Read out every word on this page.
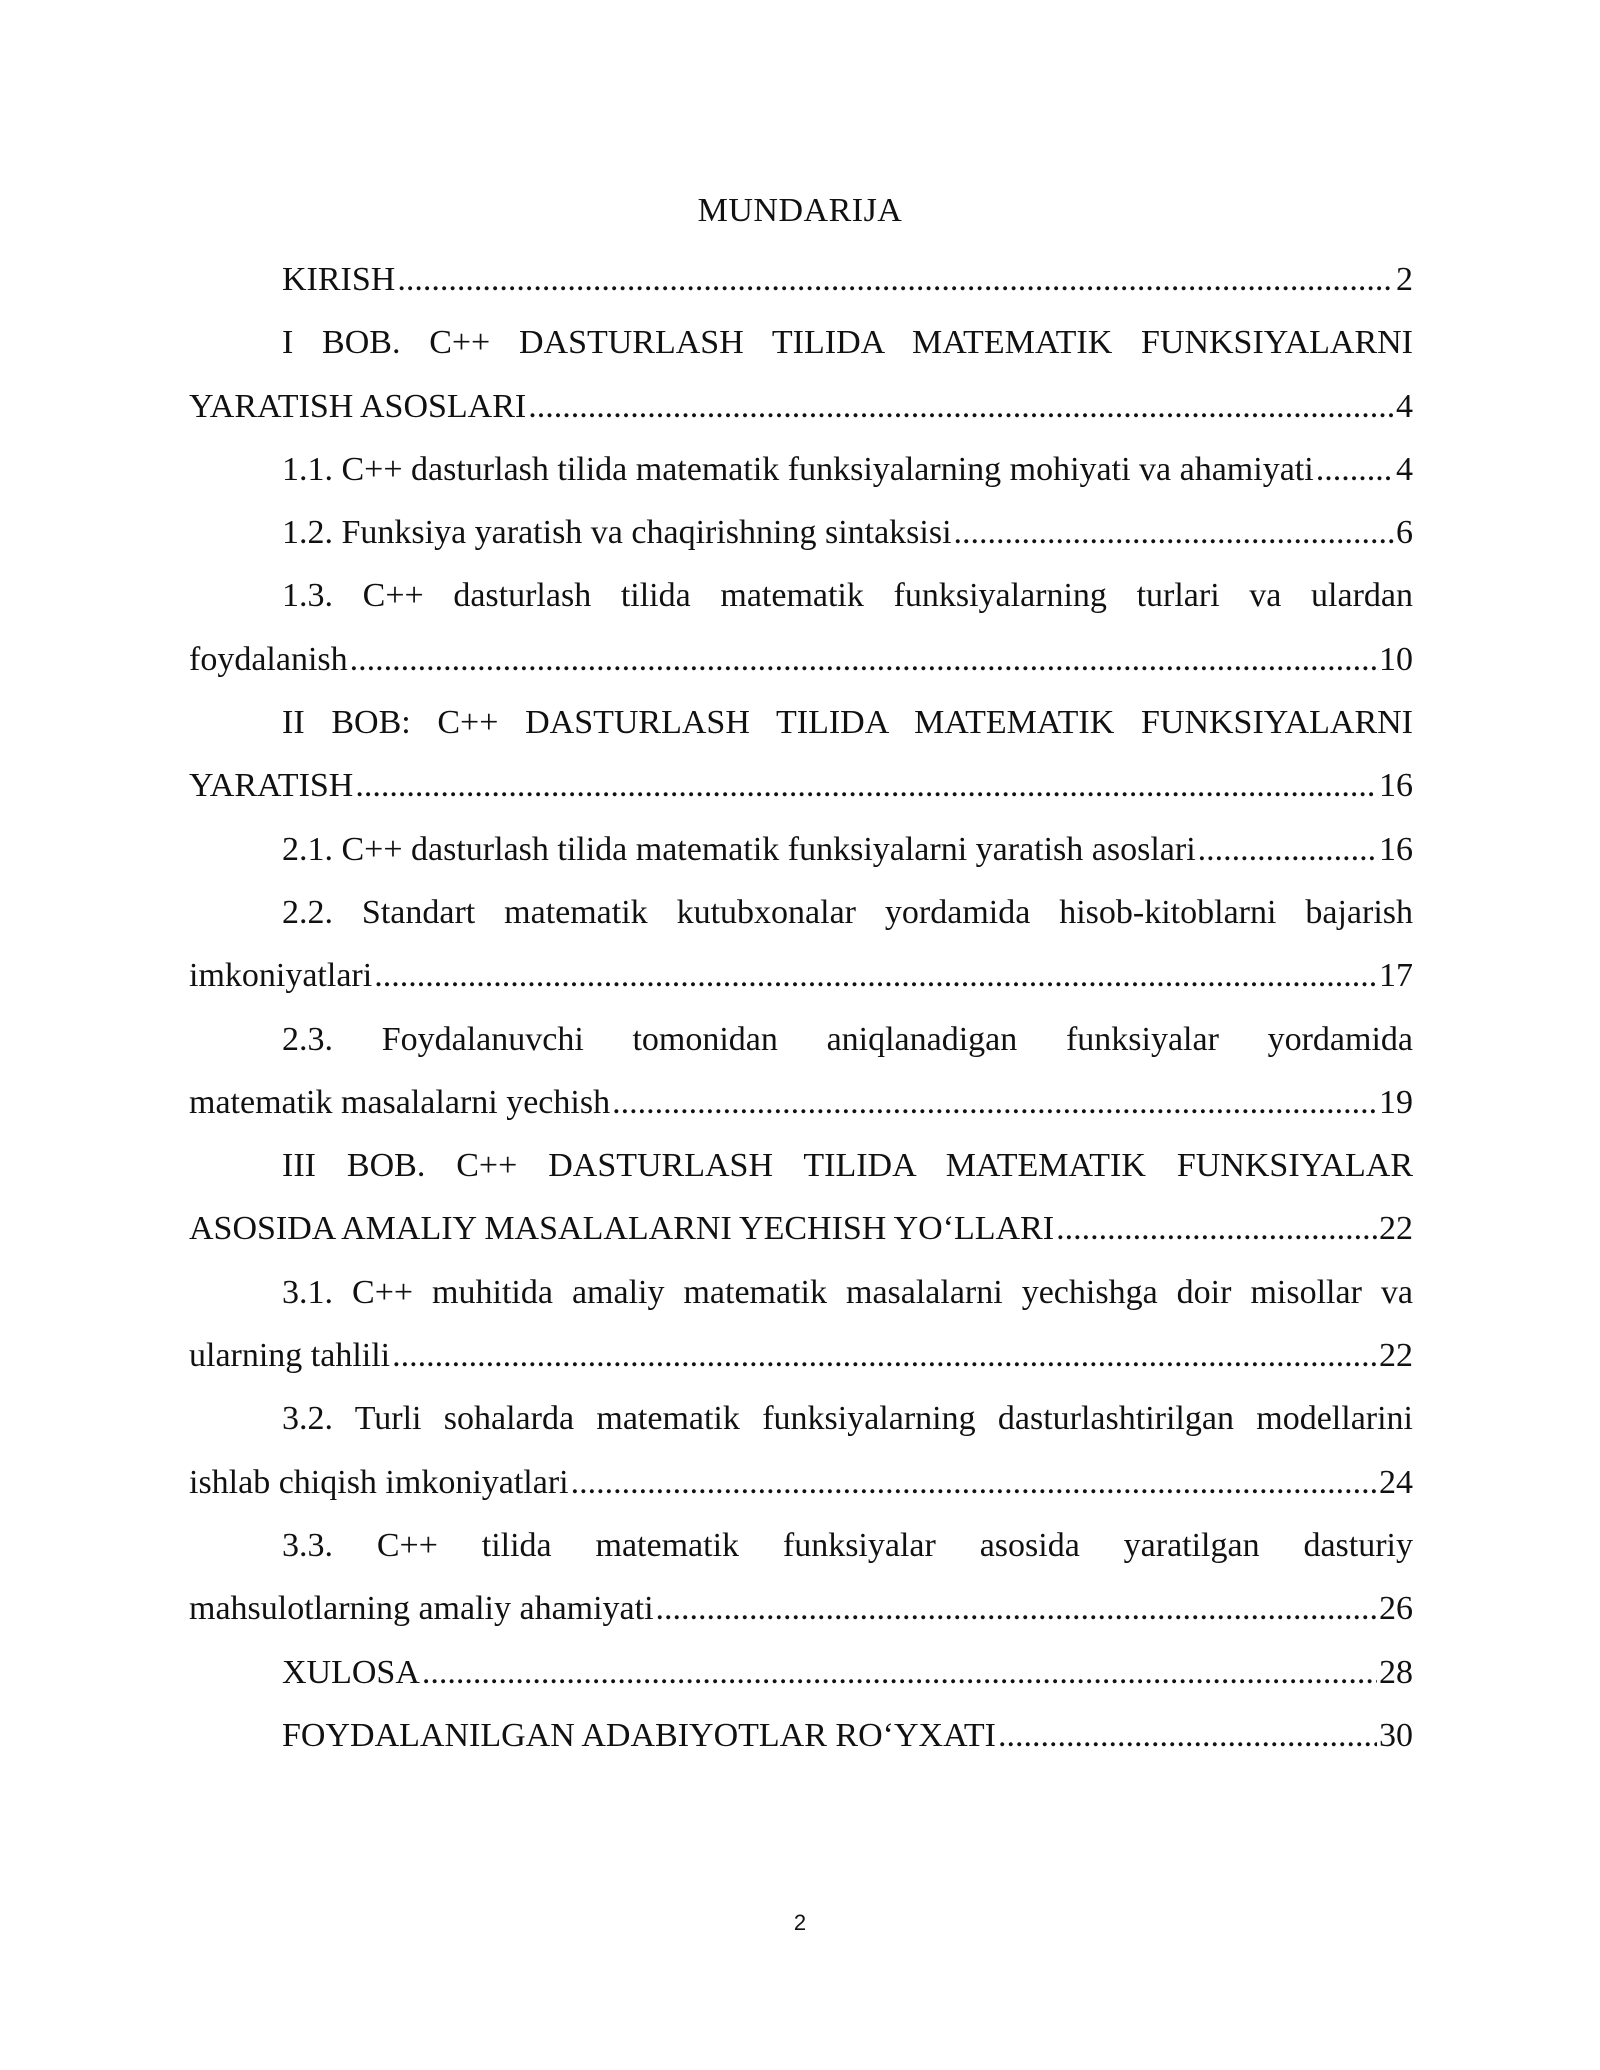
MUNDARIJA
KIRISH .....	2
I BOB. C++ DASTURLASH TILIDA MATEMATIK FUNKSIYALARNI
YARATISH ASOSLARI .....	4
1.1. C++ dasturlash tilida matematik funksiyalarning mohiyati va ahamiyati ..... 4
1.2. Funksiya yaratish va chaqirishning sintaksisi .....	6
1.3. C++ dasturlash tilida matematik funksiyalarning turlari va ulardan
foydalanish .....	10
II BOB: C++ DASTURLASH TILIDA MATEMATIK FUNKSIYALARNI
YARATISH .....	16
2.1. C++ dasturlash tilida matematik funksiyalarni yaratish asoslari .....	16
2.2. Standart matematik kutubxonalar yordamida hisob-kitoblarni bajarish
imkoniyatlari .....	17
2.3. Foydalanuvchi tomonidan aniqlanadigan funksiyalar yordamida
matematik masalalarni yechish .....	19
III BOB. C++ DASTURLASH TILIDA MATEMATIK FUNKSIYALAR
ASOSIDA AMALIY MASALALARNI YECHISH YO‘LLARI .....	22
3.1. C++ muhitida amaliy matematik masalalarni yechishga doir misollar va
ularning tahlili .....	22
3.2. Turli sohalarda matematik funksiyalarning dasturlashtirilgan modellarini
ishlab chiqish imkoniyatlari .....	24
3.3. C++ tilida matematik funksiyalar asosida yaratilgan dasturiy
mahsulotlarning amaliy ahamiyati .....	26
XULOSA .....	28
FOYDALANILGAN ADABIYOTLAR RO‘YXATI .....	30
2
